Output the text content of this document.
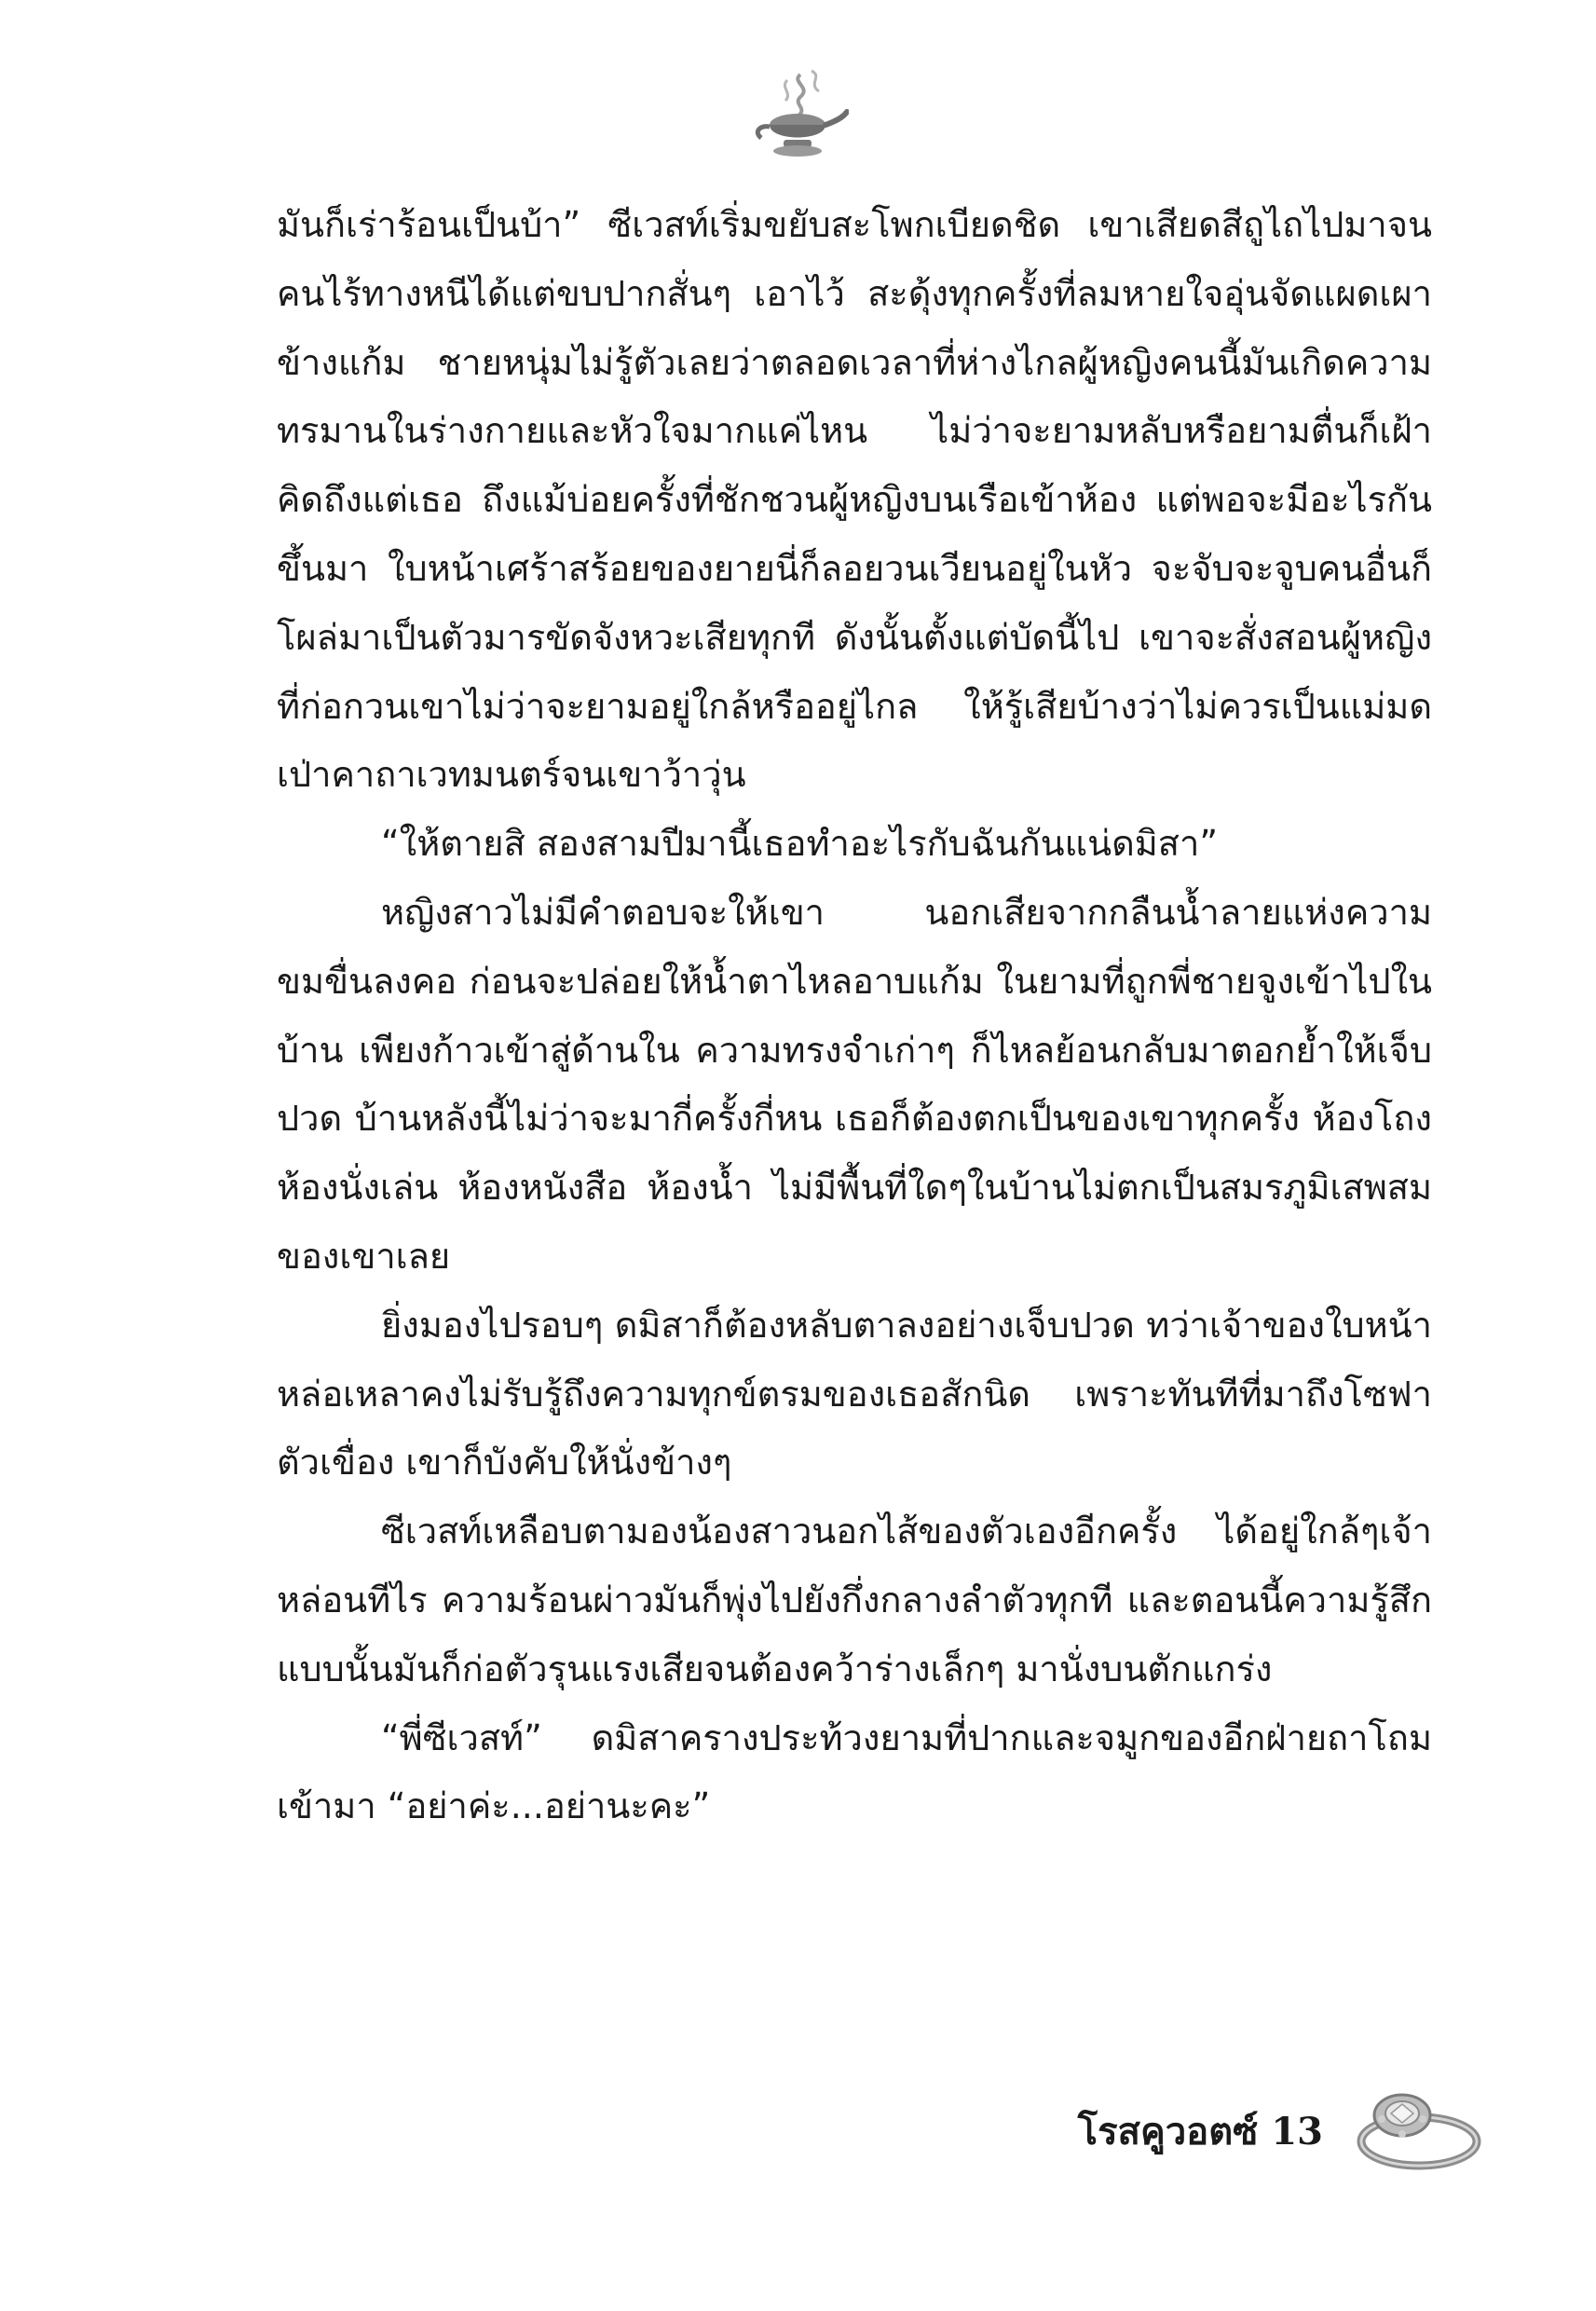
มันก็เร่าร้อนเป็นบ้า” ซีเวสท์เริ่มขยับสะโพกเบียดชิด เขาเสียดสีถูไถไปมาจนคนไร้ทางหนีได้แต่ขบปากสั่นๆ เอาไว้ สะดุ้งทุกครั้งที่ลมหายใจอุ่นจัดแผดเผาข้างแก้ม ชายหนุ่มไม่รู้ตัวเลยว่าตลอดเวลาที่ห่างไกลผู้หญิงคนนี้มันเกิดความทรมานในร่างกายและหัวใจมากแค่ไหน ไม่ว่าจะยามหลับหรือยามตื่นก็เฝ้าคิดถึงแต่เธอ ถึงแม้บ่อยครั้งที่ชักชวนผู้หญิงบนเรือเข้าห้อง แต่พอจะมีอะไรกันขึ้นมา ใบหน้าเศร้าสร้อยของยายนี่ก็ลอยวนเวียนอยู่ในหัว จะจับจะจูบคนอื่นก็โผล่มาเป็นตัวมารขัดจังหวะเสียทุกที ดังนั้นตั้งแต่บัดนี้ไป เขาจะสั่งสอนผู้หญิงที่ก่อกวนเขาไม่ว่าจะยามอยู่ใกล้หรืออยู่ไกล ให้รู้เสียบ้างว่าไม่ควรเป็นแม่มดเป่าคาถาเวทมนตร์จนเขาว้าวุ่น

“ให้ตายสิ สองสามปีมานี้เธอทำอะไรกับฉันกันแน่ดมิสา”

หญิงสาวไม่มีคำตอบจะให้เขา นอกเสียจากกลืนน้ำลายแห่งความขมขื่นลงคอ ก่อนจะปล่อยให้น้ำตาไหลอาบแก้ม ในยามที่ถูกพี่ชายจูงเข้าไปในบ้าน เพียงก้าวเข้าสู่ด้านใน ความทรงจำเก่าๆ ก็ไหลย้อนกลับมาตอกย้ำให้เจ็บปวด บ้านหลังนี้ไม่ว่าจะมากี่ครั้งกี่หน เธอก็ต้องตกเป็นของเขาทุกครั้ง ห้องโถง ห้องนั่งเล่น ห้องหนังสือ ห้องน้ำ ไม่มีพื้นที่ใดๆในบ้านไม่ตกเป็นสมรภูมิเสพสมของเขาเลย

ยิ่งมองไปรอบๆ ดมิสาก็ต้องหลับตาลงอย่างเจ็บปวด ทว่าเจ้าของใบหน้าหล่อเหลาคงไม่รับรู้ถึงความทุกข์ตรมของเธอสักนิด เพราะทันทีที่มาถึงโซฟาตัวเขื่อง เขาก็บังคับให้นั่งข้างๆ

ซีเวสท์เหลือบตามองน้องสาวนอกไส้ของตัวเองอีกครั้ง ได้อยู่ใกล้ๆเจ้าหล่อนทีไร ความร้อนผ่าวมันก็พุ่งไปยังกึ่งกลางลำตัวทุกที และตอนนี้ความรู้สึกแบบนั้นมันก็ก่อตัวรุนแรงเสียจนต้องคว้าร่างเล็กๆ มานั่งบนตักแกร่ง

“พี่ซีเวสท์” ดมิสาครางประท้วงยามที่ปากและจมูกของอีกฝ่ายถาโถมเข้ามา “อย่าค่ะ...อย่านะคะ”

โรสคูวอตซ์ 13
